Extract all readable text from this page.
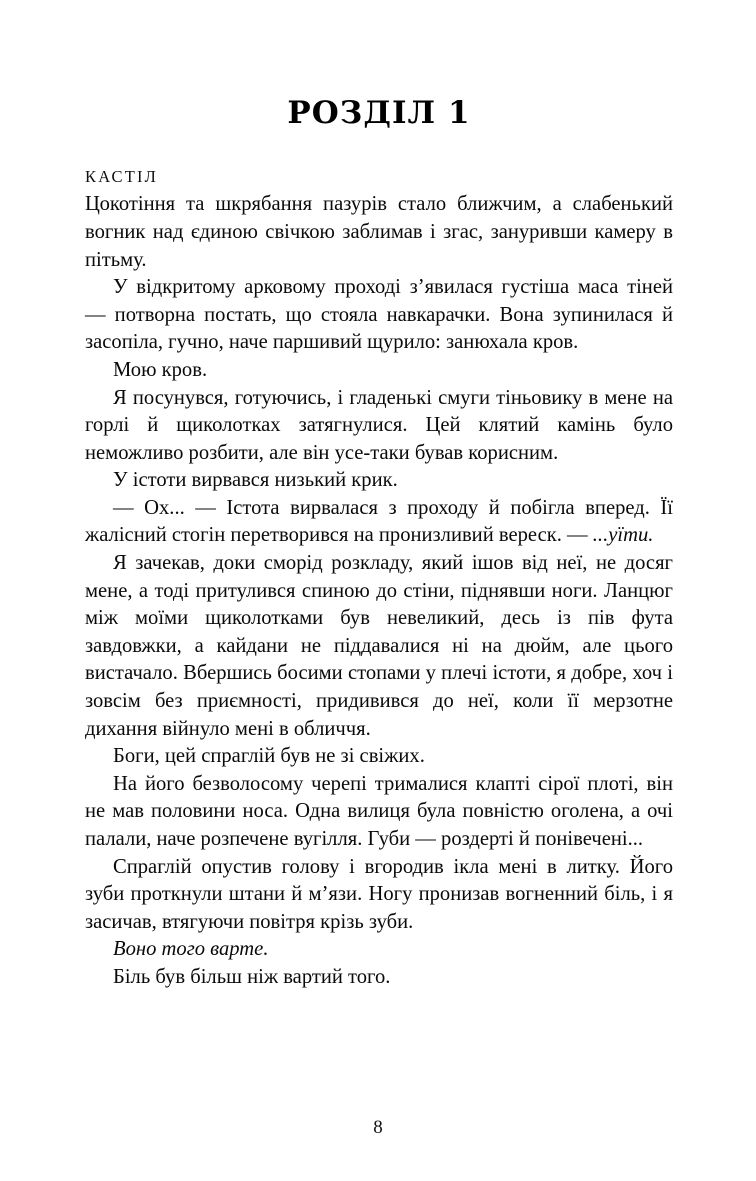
РОЗДІЛ 1
КАСТІЛ

Цокотіння та шкрябання пазурів стало ближчим, а слабенький вогник над єдиною свічкою заблимав і згас, зануривши камеру в пітьму.

У відкритому арковому проході з’явилася густіша маса тіней — потворна постать, що стояла навкарачки. Вона зупинилася й засопіла, гучно, наче паршивий щурило: занюхала кров.

Мою кров.

Я посунувся, готуючись, і гладенькі смуги тіньовику в мене на горлі й щиколотках затягнулися. Цей клятий камінь було неможливо розбити, але він усе-таки бував корисним.

У істоти вирвався низький крик.

— Ох... — Істота вирвалася з проходу й побігла вперед. Її жалісний стогін перетворився на пронизливий вереск. — ...уїти.

Я зачекав, доки сморід розкладу, який ішов від неї, не досяг мене, а тоді притулився спиною до стіни, піднявши ноги. Ланцюг між моїми щиколотками був невеликий, десь із пів фута завдовжки, а кайдани не піддавалися ні на дюйм, але цього вистачало. Вбершись босими стопами у плечі істоти, я добре, хоч і зовсім без приємності, придивився до неї, коли її мерзотне дихання війнуло мені в обличчя.

Боги, цей спраглій був не зі свіжих.

На його безволосому черепі трималися клапті сірої плоті, він не мав половини носа. Одна вилиця була повністю оголена, а очі палали, наче розпечене вугілля. Губи — роздерті й понівечені...

Спраглій опустив голову і вгородив ікла мені в литку. Його зуби проткнули штани й м’язи. Ногу пронизав вогненний біль, і я засичав, втягуючи повітря крізь зуби.

Воно того варте.

Біль був більш ніж вартий того.

8
